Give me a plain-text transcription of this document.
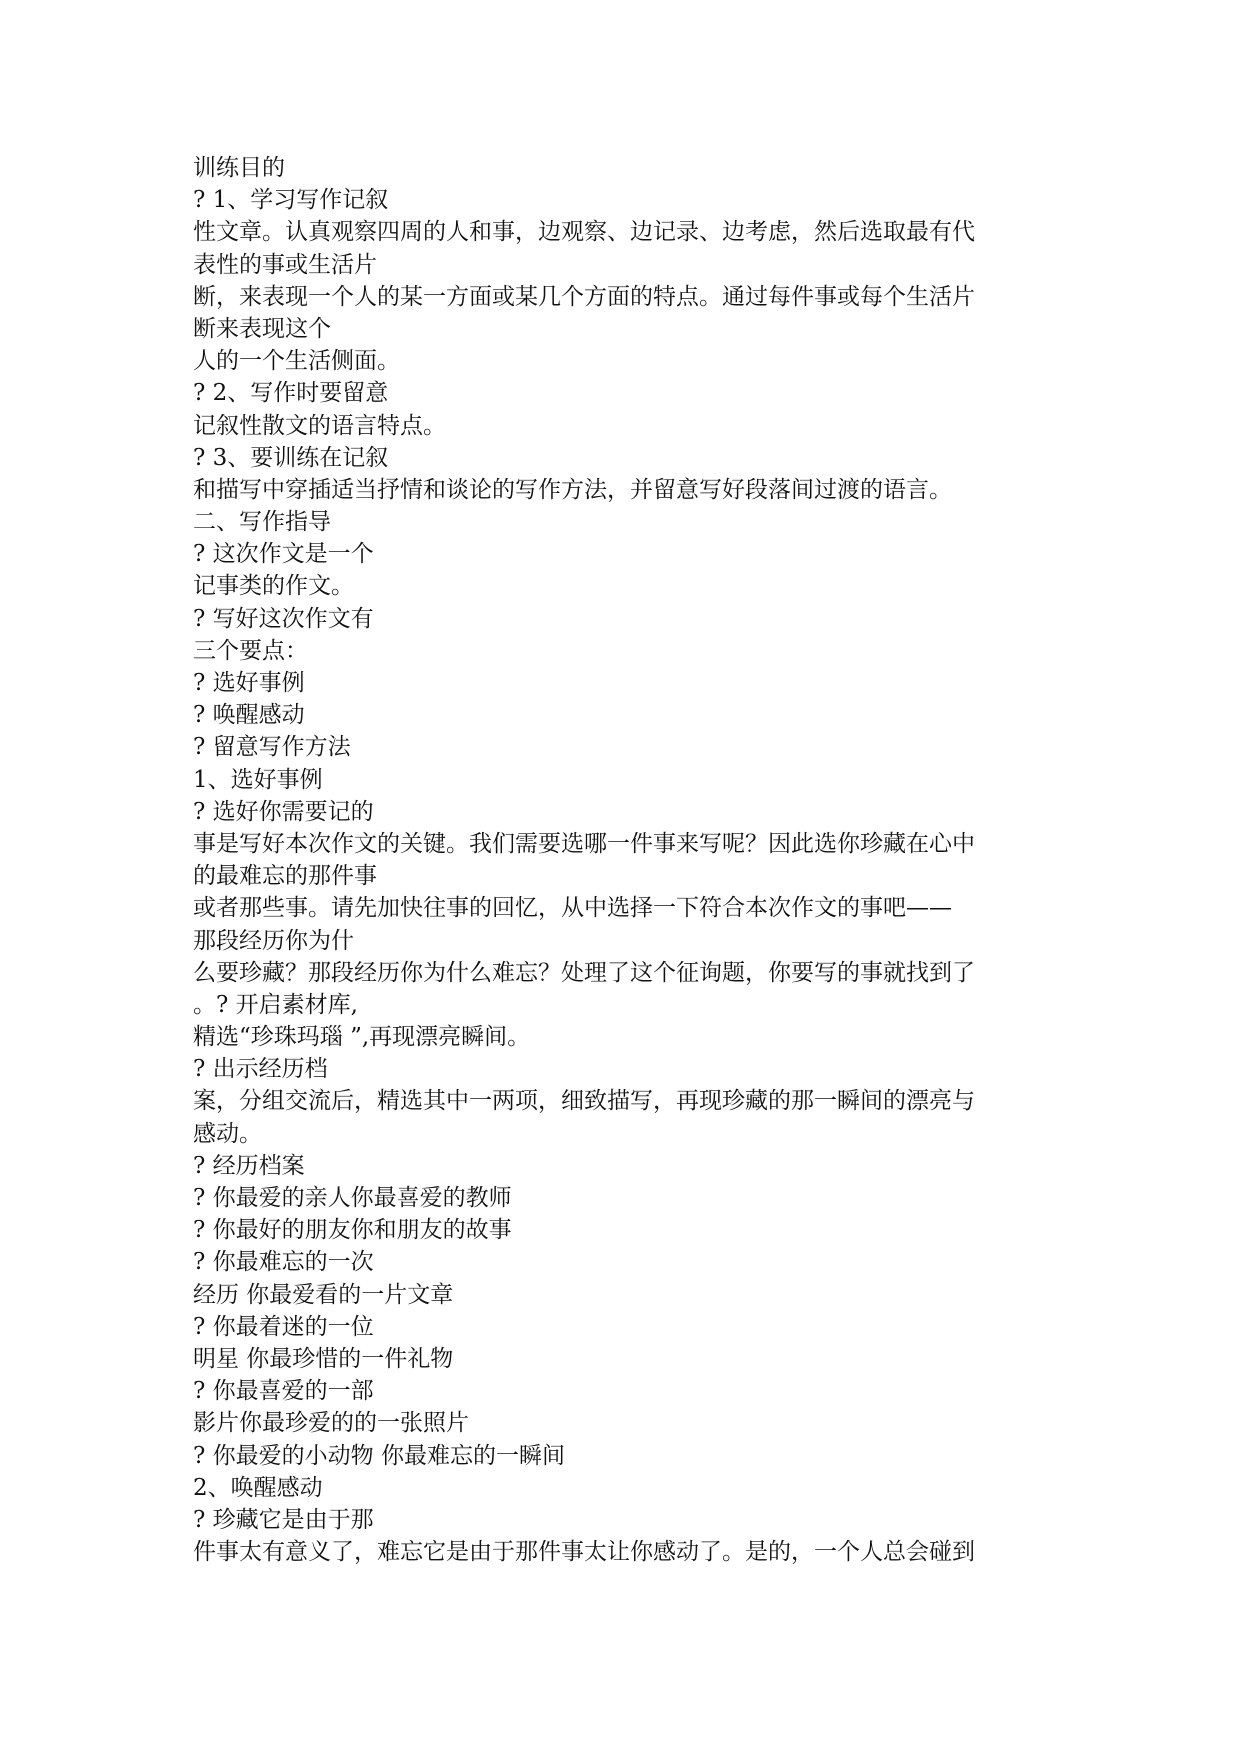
训练目的
? 1、学习写作记叙
性文章。认真观察四周的人和事，边观察、边记录、边考虑，然后选取最有代
表性的事或生活片
断，来表现一个人的某一方面或某几个方面的特点。通过每件事或每个生活片
断来表现这个
人的一个生活侧面。
? 2、写作时要留意
记叙性散文的语言特点。
? 3、要训练在记叙
和描写中穿插适当抒情和谈论的写作方法，并留意写好段落间过渡的语言。
二、写作指导
? 这次作文是一个
记事类的作文。
? 写好这次作文有
三个要点：
? 选好事例
? 唤醒感动
? 留意写作方法
1、选好事例
? 选好你需要记的
事是写好本次作文的关键。我们需要选哪一件事来写呢？因此选你珍藏在心中
的最难忘的那件事
或者那些事。请先加快往事的回忆，从中选择一下符合本次作文的事吧——
那段经历你为什
么要珍藏？那段经历你为什么难忘？处理了这个征询题，你要写的事就找到了
。? 开启素材库,
精选“珍珠玛瑙 ”,再现漂亮瞬间。
? 出示经历档
案，分组交流后，精选其中一两项，细致描写，再现珍藏的那一瞬间的漂亮与
感动。
? 经历档案
? 你最爱的亲人你最喜爱的教师
? 你最好的朋友你和朋友的故事
? 你最难忘的一次
经历 你最爱看的一片文章
? 你最着迷的一位
明星 你最珍惜的一件礼物
? 你最喜爱的一部
影片你最珍爱的的一张照片
? 你最爱的小动物 你最难忘的一瞬间
2、唤醒感动
? 珍藏它是由于那
件事太有意义了，难忘它是由于那件事太让你感动了。是的，一个人总会碰到
